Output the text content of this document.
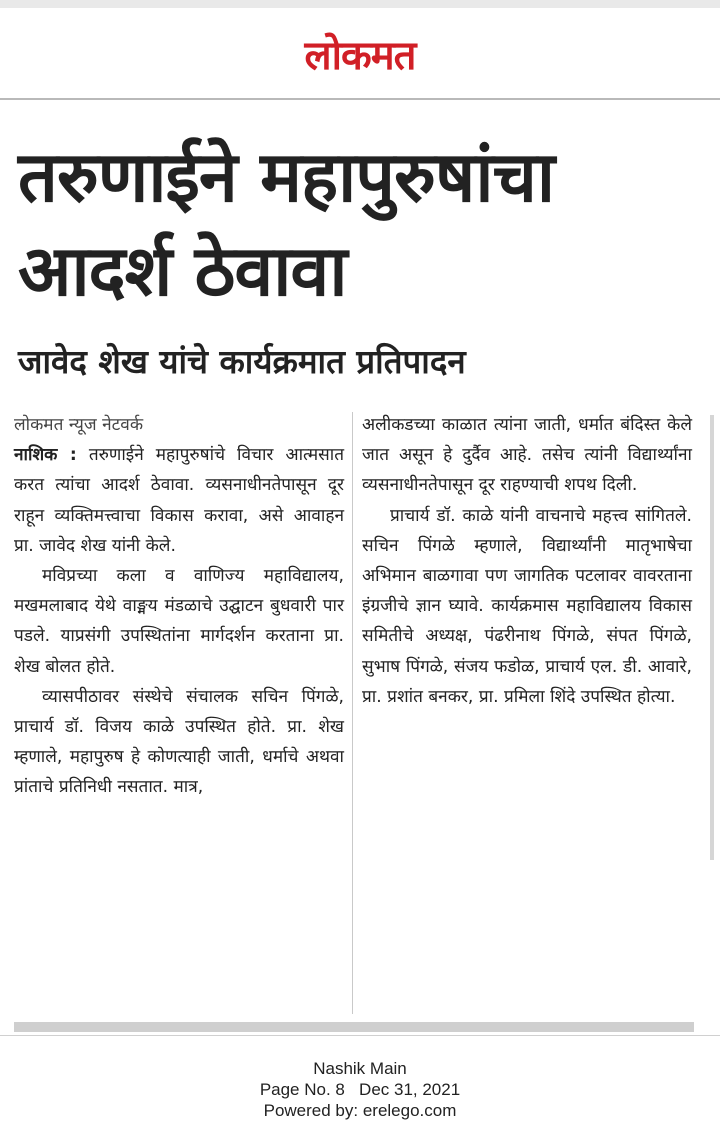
लोकमत
तरुणाईने महापुरुषांचा
आदर्श ठेवावा
जावेद शेख यांचे कार्यक्रमात प्रतिपादन

लोकमत न्यूज नेटवर्क

नाशिक : तरुणाईने महापुरुषांचे विचार आत्मसात करत त्यांचा आदर्श ठेवावा. व्यसनाधीनतेपासून दूर राहून व्यक्तिमत्त्वाचा विकास करावा, असे आवाहन प्रा. जावेद शेख यांनी केले.

मविप्रच्या कला व वाणिज्य महाविद्यालय, मखमलाबाद येथे वाङ्मय मंडळाचे उद्घाटन बुधवारी पार पडले. याप्रसंगी उपस्थितांना मार्गदर्शन करताना प्रा. शेख बोलत होते.

व्यासपीठावर संस्थेचे संचालक सचिन पिंगळे, प्राचार्य डॉ. विजय काळे उपस्थित होते. प्रा. शेख म्हणाले, महापुरुष हे कोणत्याही जाती, धर्माचे अथवा प्रांताचे प्रतिनिधी नसतात. मात्र,

अलीकडच्या काळात त्यांना जाती, धर्मात बंदिस्त केले जात असून हे दुर्दैव आहे. तसेच त्यांनी विद्यार्थ्यांना व्यसनाधीनतेपासून दूर राहण्याची शपथ दिली.

प्राचार्य डॉ. काळे यांनी वाचनाचे महत्त्व सांगितले. सचिन पिंगळे म्हणाले, विद्यार्थ्यांनी मातृभाषेचा अभिमान बाळगावा पण जागतिक पटलावर वावरताना इंग्रजीचे ज्ञान घ्यावे. कार्यक्रमास महाविद्यालय विकास समितीचे अध्यक्ष, पंढरीनाथ पिंगळे, संपत पिंगळे, सुभाष पिंगळे, संजय फडोळ, प्राचार्य एल. डी. आवारे, प्रा. प्रशांत बनकर, प्रा. प्रमिला शिंदे उपस्थित होत्या.

Nashik Main
Page No. 8   Dec 31, 2021
Powered by: erelego.com
